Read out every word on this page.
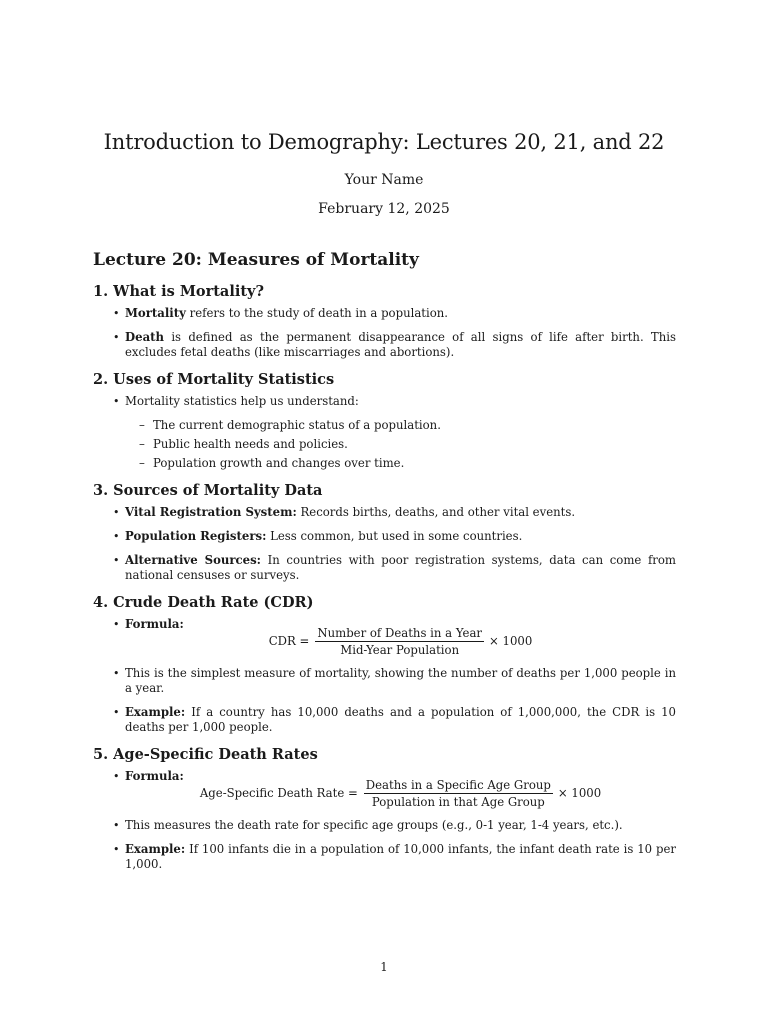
Introduction to Demography: Lectures 20, 21, and 22
Your Name
February 12, 2025
Lecture 20: Measures of Mortality
1. What is Mortality?
• Mortality refers to the study of death in a population.
• Death is defined as the permanent disappearance of all signs of life after birth. This excludes fetal deaths (like miscarriages and abortions).
2. Uses of Mortality Statistics
• Mortality statistics help us understand:
– The current demographic status of a population.
– Public health needs and policies.
– Population growth and changes over time.
3. Sources of Mortality Data
• Vital Registration System: Records births, deaths, and other vital events.
• Population Registers: Less common, but used in some countries.
• Alternative Sources: In countries with poor registration systems, data can come from national censuses or surveys.
4. Crude Death Rate (CDR)
• Formula:
CDR = $\frac{\text{Number of Deaths in a Year}}{\text{Mid-Year Population}} \times 1000$
• This is the simplest measure of mortality, showing the number of deaths per 1,000 people in a year.
• Example: If a country has 10,000 deaths and a population of 1,000,000, the CDR is 10 deaths per 1,000 people.
5. Age-Specific Death Rates
• Formula:
Age-Specific Death Rate = $\frac{\text{Deaths in a Specific Age Group}}{\text{Population in that Age Group}} \times 1000$
• This measures the death rate for specific age groups (e.g., 0-1 year, 1-4 years, etc.).
• Example: If 100 infants die in a population of 10,000 infants, the infant death rate is 10 per 1,000.
1
